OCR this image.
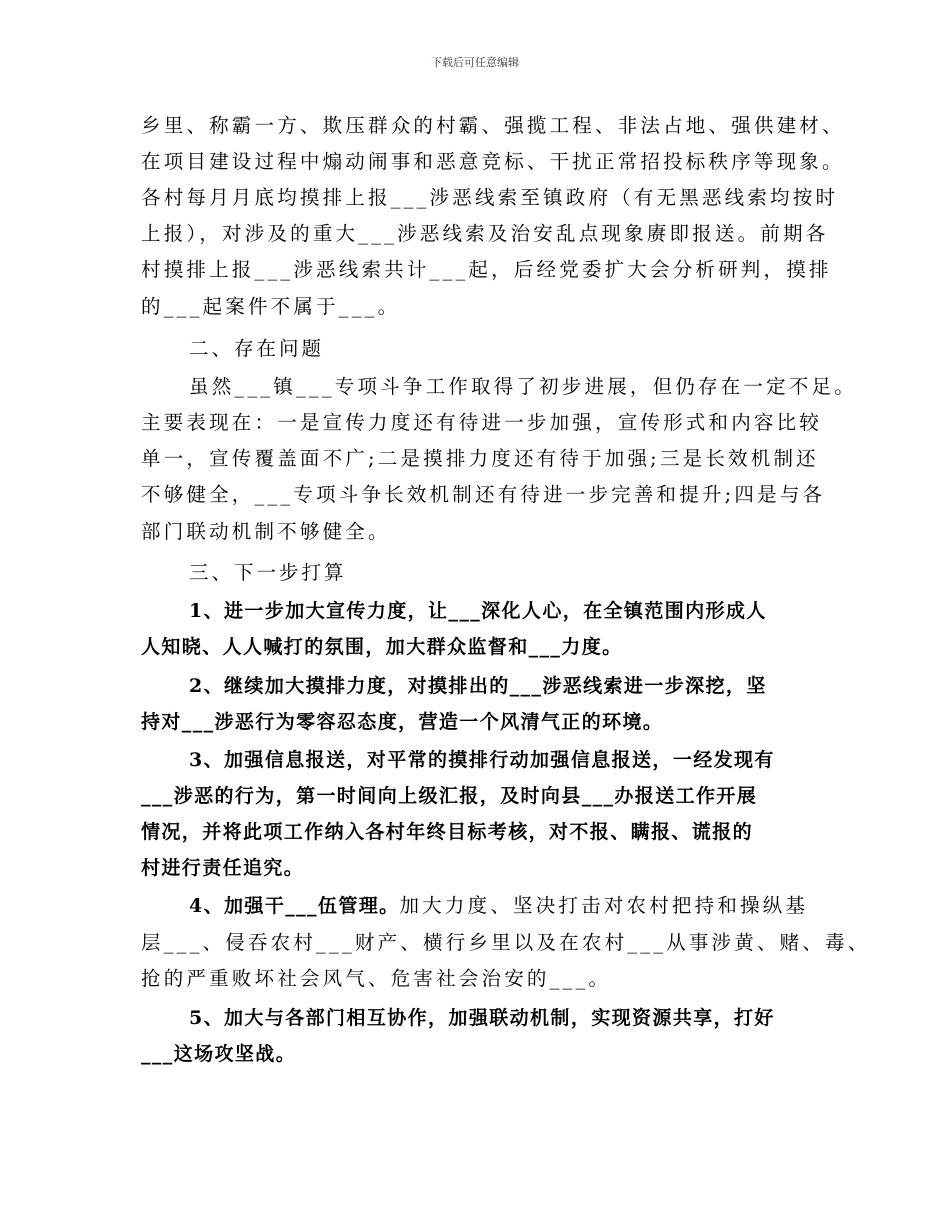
下载后可任意编辑
乡里、称霸一方、欺压群众的村霸、强揽工程、非法占地、强供建材、
在项目建设过程中煽动闹事和恶意竞标、干扰正常招投标秩序等现象。
各村每月月底均摸排上报___涉恶线索至镇政府（有无黑恶线索均按时
上报），对涉及的重大___涉恶线索及治安乱点现象赓即报送。前期各
村摸排上报___涉恶线索共计___起，后经党委扩大会分析研判，摸排
的___起案件不属于___。
二、存在问题
虽然___镇___专项斗争工作取得了初步进展，但仍存在一定不足。
主要表现在：一是宣传力度还有待进一步加强，宣传形式和内容比较
单一，宣传覆盖面不广;二是摸排力度还有待于加强;三是长效机制还
不够健全，___专项斗争长效机制还有待进一步完善和提升;四是与各
部门联动机制不够健全。
三、下一步打算
1、进一步加大宣传力度，让___深化人心，在全镇范围内形成人
人知晓、人人喊打的氛围，加大群众监督和___力度。
2、继续加大摸排力度，对摸排出的___涉恶线索进一步深挖，坚
持对___涉恶行为零容忍态度，营造一个风清气正的环境。
3、加强信息报送，对平常的摸排行动加强信息报送，一经发现有
___涉恶的行为，第一时间向上级汇报，及时向县___办报送工作开展
情况，并将此项工作纳入各村年终目标考核，对不报、瞒报、谎报的
村进行责任追究。
4、加强干___伍管理。加大力度、坚决打击对农村把持和操纵基
层___、侵吞农村___财产、横行乡里以及在农村___从事涉黄、赌、毒、
抢的严重败坏社会风气、危害社会治安的___。
5、加大与各部门相互协作，加强联动机制，实现资源共享，打好
___这场攻坚战。
